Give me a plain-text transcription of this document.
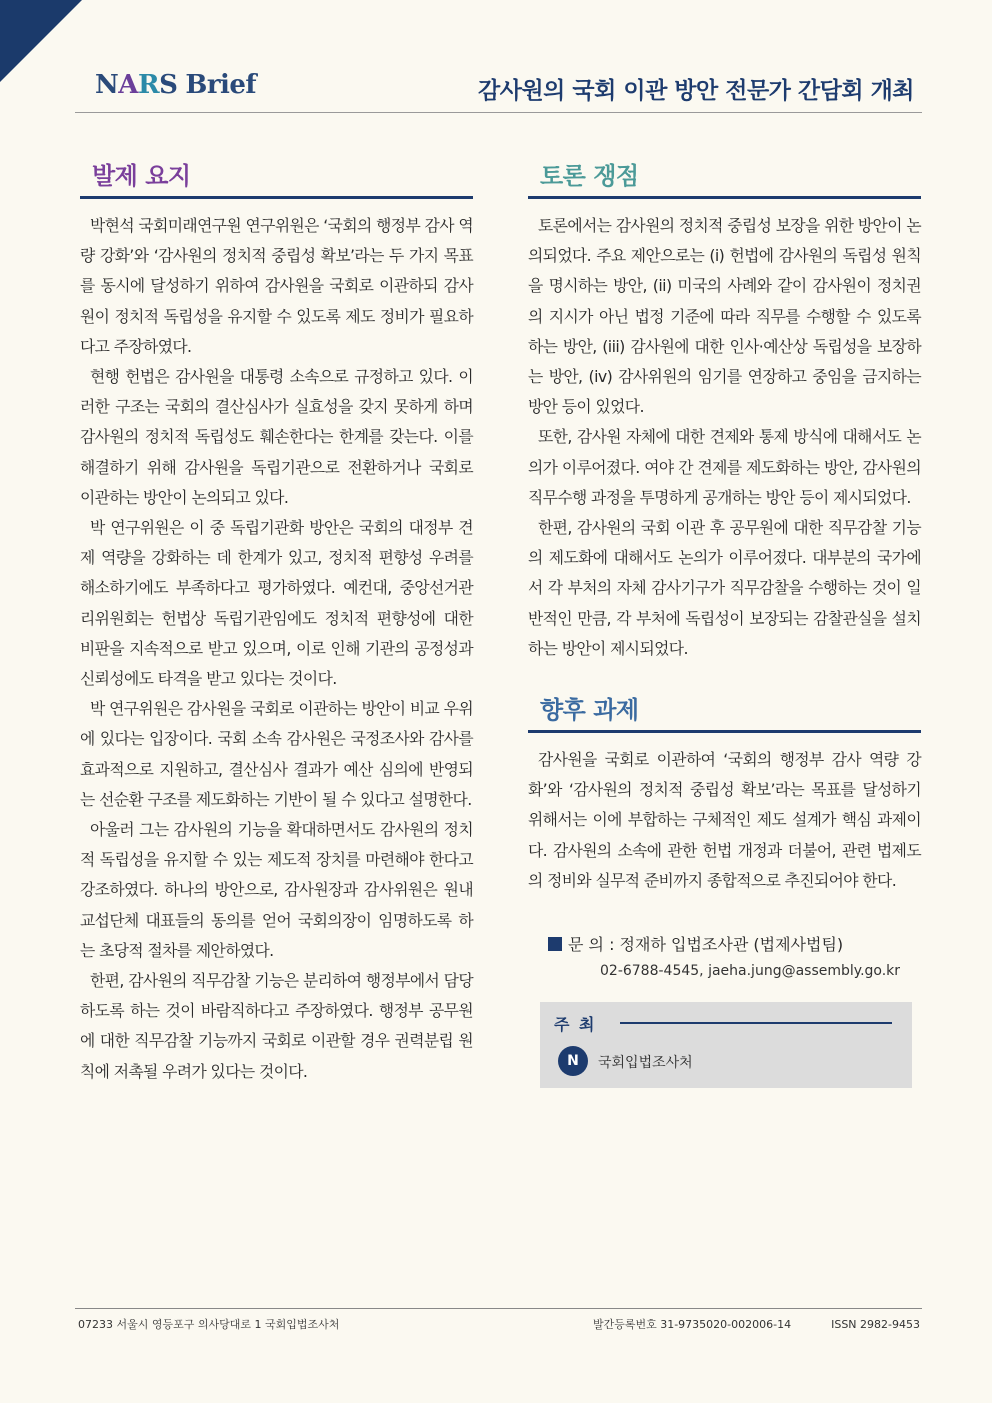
NARS Brief	감사원의 국회 이관 방안 전문가 간담회 개최
발제 요지

박현석 국회미래연구원 연구위원은 ‘국회의 행정부 감사 역량 강화’와 ‘감사원의 정치적 중립성 확보’라는 두 가지 목표를 동시에 달성하기 위하여 감사원을 국회로 이관하되 감사원이 정치적 독립성을 유지할 수 있도록 제도 정비가 필요하다고 주장하였다.

현행 헌법은 감사원을 대통령 소속으로 규정하고 있다. 이러한 구조는 국회의 결산심사가 실효성을 갖지 못하게 하며 감사원의 정치적 독립성도 훼손한다는 한계를 갖는다. 이를 해결하기 위해 감사원을 독립기관으로 전환하거나 국회로 이관하는 방안이 논의되고 있다.

박 연구위원은 이 중 독립기관화 방안은 국회의 대정부 견제 역량을 강화하는 데 한계가 있고, 정치적 편향성 우려를 해소하기에도 부족하다고 평가하였다. 예컨대, 중앙선거관리위원회는 헌법상 독립기관임에도 정치적 편향성에 대한 비판을 지속적으로 받고 있으며, 이로 인해 기관의 공정성과 신뢰성에도 타격을 받고 있다는 것이다.

박 연구위원은 감사원을 국회로 이관하는 방안이 비교 우위에 있다는 입장이다. 국회 소속 감사원은 국정조사와 감사를 효과적으로 지원하고, 결산심사 결과가 예산 심의에 반영되는 선순환 구조를 제도화하는 기반이 될 수 있다고 설명한다.

아울러 그는 감사원의 기능을 확대하면서도 감사원의 정치적 독립성을 유지할 수 있는 제도적 장치를 마련해야 한다고 강조하였다. 하나의 방안으로, 감사원장과 감사위원은 원내교섭단체 대표들의 동의를 얻어 국회의장이 임명하도록 하는 초당적 절차를 제안하였다.

한편, 감사원의 직무감찰 기능은 분리하여 행정부에서 담당하도록 하는 것이 바람직하다고 주장하였다. 행정부 공무원에 대한 직무감찰 기능까지 국회로 이관할 경우 권력분립 원칙에 저촉될 우려가 있다는 것이다.

토론 쟁점

토론에서는 감사원의 정치적 중립성 보장을 위한 방안이 논의되었다. 주요 제안으로는 (i) 헌법에 감사원의 독립성 원칙을 명시하는 방안, (ii) 미국의 사례와 같이 감사원이 정치권의 지시가 아닌 법정 기준에 따라 직무를 수행할 수 있도록 하는 방안, (iii) 감사원에 대한 인사·예산상 독립성을 보장하는 방안, (iv) 감사위원의 임기를 연장하고 중임을 금지하는 방안 등이 있었다.

또한, 감사원 자체에 대한 견제와 통제 방식에 대해서도 논의가 이루어졌다. 여야 간 견제를 제도화하는 방안, 감사원의 직무수행 과정을 투명하게 공개하는 방안 등이 제시되었다.

한편, 감사원의 국회 이관 후 공무원에 대한 직무감찰 기능의 제도화에 대해서도 논의가 이루어졌다. 대부분의 국가에서 각 부처의 자체 감사기구가 직무감찰을 수행하는 것이 일반적인 만큼, 각 부처에 독립성이 보장되는 감찰관실을 설치하는 방안이 제시되었다.

향후 과제

감사원을 국회로 이관하여 ‘국회의 행정부 감사 역량 강화’와 ‘감사원의 정치적 중립성 확보’라는 목표를 달성하기 위해서는 이에 부합하는 구체적인 제도 설계가 핵심 과제이다. 감사원의 소속에 관한 헌법 개정과 더불어, 관련 법제도의 정비와 실무적 준비까지 종합적으로 추진되어야 한다.

문 의 : 정재하 입법조사관 (법제사법팀)
02-6788-4545, jaeha.jung@assembly.go.kr
주 최
N	국회입법조사처
07233 서울시 영등포구 의사당대로 1 국회입법조사처	발간등록번호 31-9735020-002006-14	ISSN 2982-9453
